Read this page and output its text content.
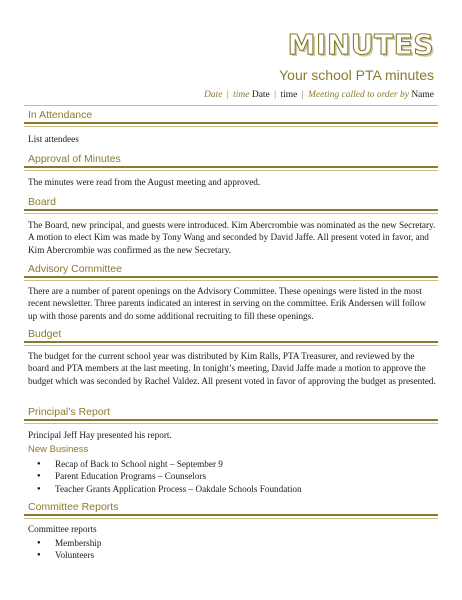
MINUTES
Your school PTA minutes
Date | time Date | time | Meeting called to order by Name
In Attendance
List attendees
Approval of Minutes
The minutes were read from the August meeting and approved.
Board
The Board, new principal, and guests were introduced. Kim Abercrombie was nominated as the new Secretary. A motion to elect Kim was made by Tony Wang and seconded by David Jaffe. All present voted in favor, and Kim Abercrombie was confirmed as the new Secretary.
Advisory Committee
There are a number of parent openings on the Advisory Committee. These openings were listed in the most recent newsletter. Three parents indicated an interest in serving on the committee. Erik Andersen will follow up with those parents and do some additional recruiting to fill these openings.
Budget
The budget for the current school year was distributed by Kim Ralls, PTA Treasurer, and reviewed by the board and PTA members at the last meeting. In tonight’s meeting, David Jaffe made a motion to approve the budget which was seconded by Rachel Valdez. All present voted in favor of approving the budget as presented.
Principal’s Report
Principal Jeff Hay presented his report.
New Business
● Recap of Back to School night – September 9
● Parent Education Programs – Counselors
● Teacher Grants Application Process – Oakdale Schools Foundation
Committee Reports
Committee reports
● Membership
● Volunteers
